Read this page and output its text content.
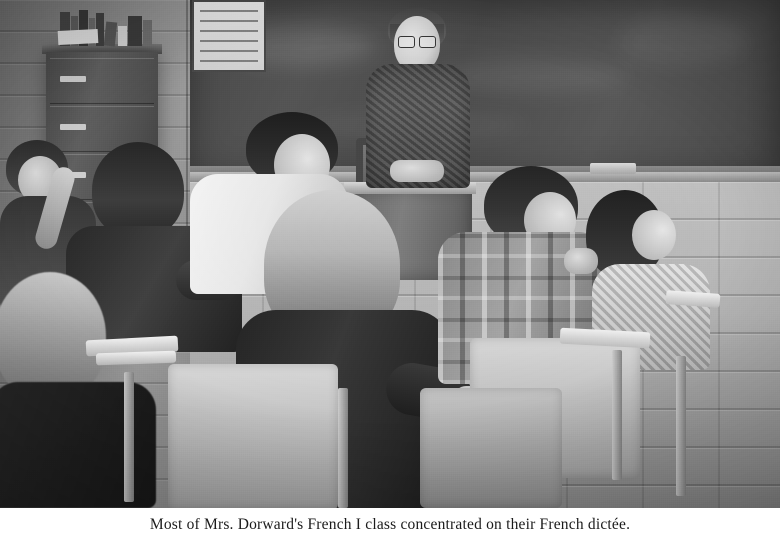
Most of Mrs. Dorward's French I class concentrated on their French dictée.
